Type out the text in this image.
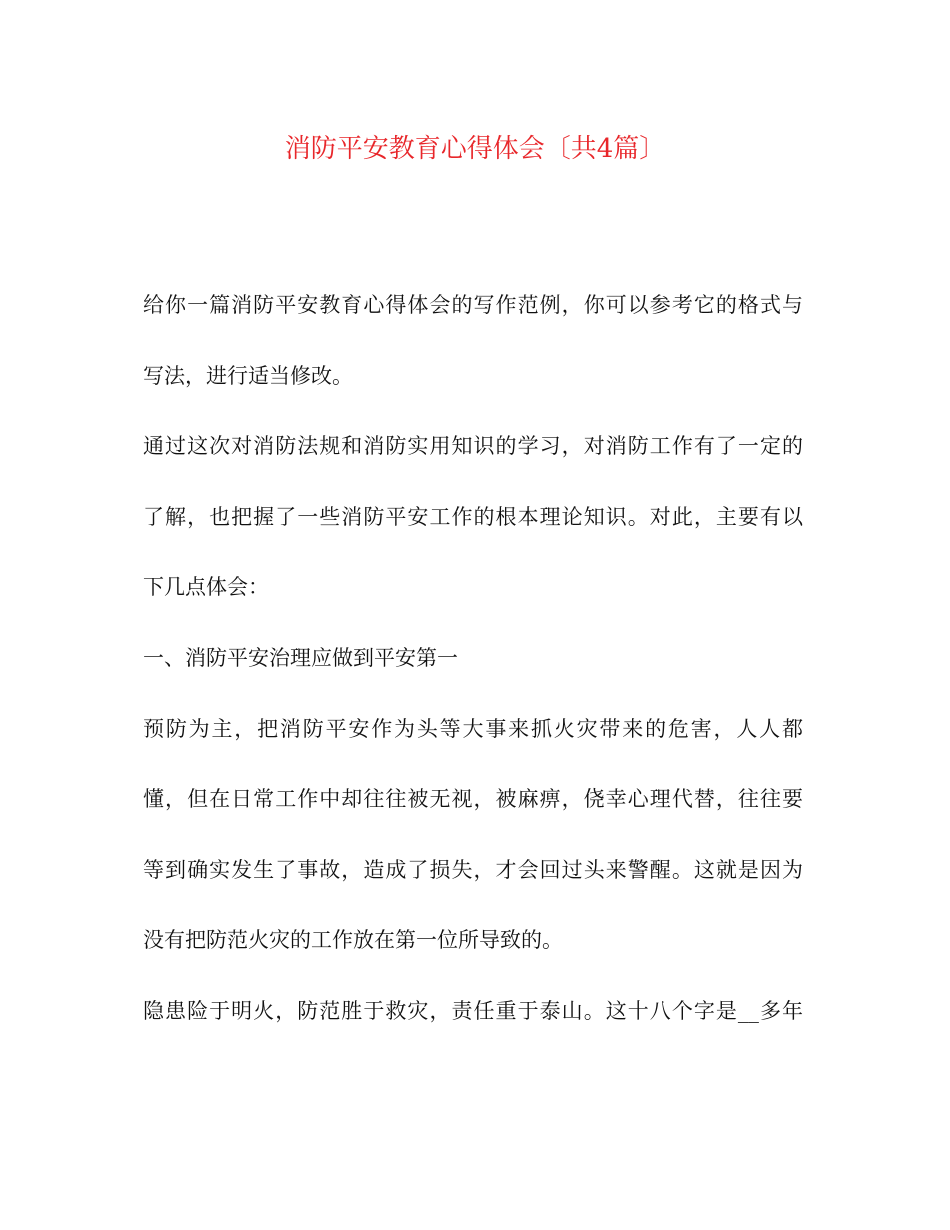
消防平安教育心得体会〔共4篇〕

给你一篇消防平安教育心得体会的写作范例，你可以参考它的格式与

写法，进行适当修改。

通过这次对消防法规和消防实用知识的学习，对消防工作有了一定的

了解，也把握了一些消防平安工作的根本理论知识。对此，主要有以

下几点体会：

一、消防平安治理应做到平安第一

预防为主，把消防平安作为头等大事来抓火灾带来的危害，人人都

懂，但在日常工作中却往往被无视，被麻痹，侥幸心理代替，往往要

等到确实发生了事故，造成了损失，才会回过头来警醒。这就是因为

没有把防范火灾的工作放在第一位所导致的。

隐患险于明火，防范胜于救灾，责任重于泰山。这十八个字是__多年
